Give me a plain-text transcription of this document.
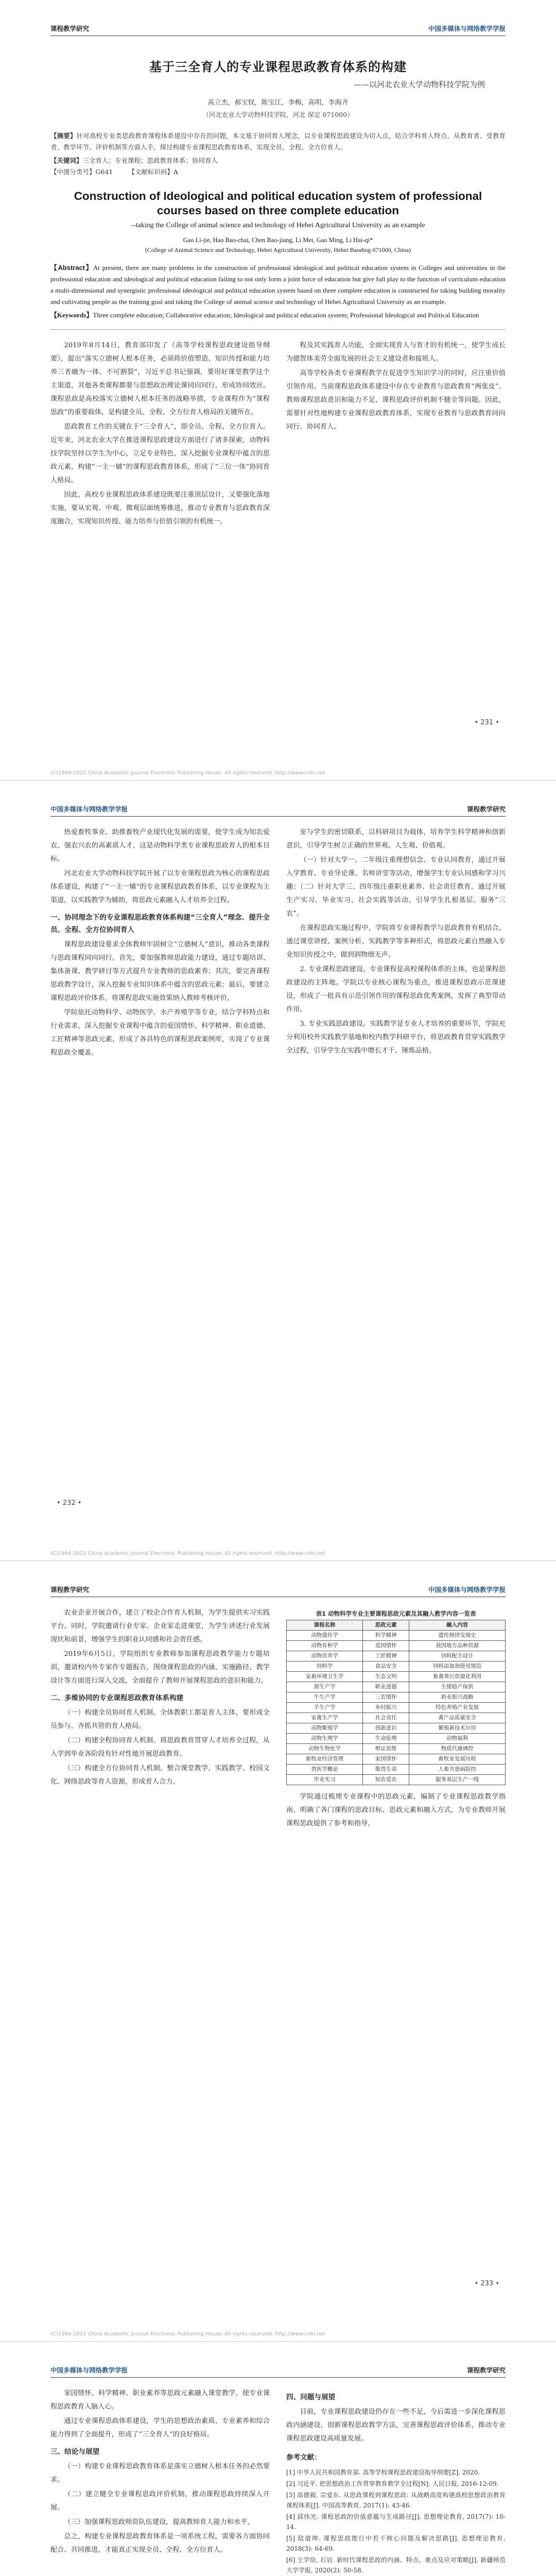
课程教学研究	中国多媒体与网络教学学报
基于三全育人的专业课程思政教育体系的构建
——以河北农业大学动物科技学院为例
高立杰，郝宝钗，陈宝江，李梅，高明，李海齐
（河北农业大学动物科技学院，河北 保定 071000）
【摘要】针对高校专业类思政教育课程体系建设中存在的问题，本文基于协同育人理念，以专业课程思政建设为切入点，结合学科育人特点，从教育者、受教育者、教学环节、评价机制等方面入手，探讨构建专业课程思政教育体系，实现全员、全程、全方位育人。
【关键词】三全育人；专业课程；思政教育体系；协同育人
【中图分类号】G641 【文献标识码】A
Construction of Ideological and political education system of professional courses based on three complete education
--taking the College of animal science and technology of Hebei Agricultural University as an example
Gao Li-jie, Hao Bao-chai, Chen Bao-jiang, Li Mei, Gao Ming, Li Hai-qi*
(College of Animal Science and Technology, Hebei Agricultural University, Hebei Baoding 071000, China)
【Abstract】At present, there are many problems in the construction of professional ideological and political education system in Colleges and universities in the professional education and ideological and political education failing to not only form a joint force of education but give full play to the function of curriculum education a multi-dimensional and synergistic professional ideological and political education system based on three complete education is constructed for taking building morality and cultivating people as the training goal and taking the College of animal science and technology of Hebei Agricultural University as an example.
【Keywords】Three complete education; Collaborative education; Ideological and political education system; Professional Ideological and Political Education

2019年8月14日，教育部印发了《高等学校课程思政建设指导纲要》，提出“落实立德树人根本任务，必须将价值塑造、知识传授和能力培养三者融为一体、不可割裂”，习近平总书记强调，要用好课堂教学这个主渠道，其他各类课程都要与思想政治理论课同向同行，形成协同效应。课程思政是高校落实立德树人根本任务的战略举措，专业课程作为“课程思政”的重要载体，是构建全员、全程、全方位育人格局的关键所在。

思政教育工作的关键在于“三全育人”，即全员、全程、全方位育人。近年来，河北农业大学在推进课程思政建设方面进行了诸多探索，动物科技学院坚持以学生为中心，立足专业特色，深入挖掘专业课程中蕴含的思政元素，构建“一主一辅”的课程思政教育体系，形成了“三位一体”协同育人格局。

因此，高校专业课程思政体系建设既要注重顶层设计，又要强化落地实施，要从宏观、中观、微观层面统筹推进，推动专业教育与思政教育深度融合，实现知识传授、能力培养与价值引领的有机统一。

程及其实践育人功能，全面实现育人与育才的有机统一，使学生成长为德智体美劳全面发展的社会主义建设者和接班人。

高等学校各类专业课程教学在促进学生知识学习的同时，应注重价值引领作用。当前课程思政体系建设中存在专业教育与思政教育“两张皮”、教师课程思政意识和能力不足、课程思政评价机制不健全等问题。因此，需要针对性地构建专业课程思政教育体系，实现专业教育与思政教育同向同行、协同育人。

• 231 •
(C)1994-2022 China Academic Journal Electronic Publishing House. All rights reserved. http://www.cnki.net
中国多媒体与网络教学学报	课程教学研究

热爱畜牧事业、助推畜牧产业现代化发展的需要，使学生成为知农爱农、强农兴农的高素质人才，这是动物科学类专业课程思政育人的根本目标。

河北农业大学动物科技学院开展了以专业课程思政为核心的课程思政体系建设，构建了“一主一辅”的专业课程思政教育体系，以专业课程为主渠道，以实践教学为辅助，将思政元素融入人才培养全过程。

一、协同理念下的专业课程思政教育体系构建“三全育人”理念、提升全员、全程、全方位协同育人

课程思政建设要求全体教师牢固树立“立德树人”意识，推动各类课程与思政课程同向同行。首先，要加强教师思政能力建设，通过专题培训、集体备课、教学研讨等方式提升专业教师的思政素养；其次，要完善课程思政教学设计，深入挖掘专业知识体系中蕴含的思政元素；最后，要建立课程思政评价体系，将课程思政实施效果纳入教师考核评价。

学院依托动物科学、动物医学、水产养殖学等专业，结合学科特点和行业需求，深入挖掘专业课程中蕴含的爱国情怀、科学精神、职业道德、工匠精神等思政元素，形成了各具特色的课程思政案例库，实现了专业课程思政全覆盖。

室与学生的密切联系，以科研项目为载体，培养学生科学精神和创新意识，引导学生树立正确的世界观、人生观、价值观。

（一）针对大学一、二年级注重理想信念、专业认同教育，通过开展入学教育、专业导论课、名师讲堂等活动，增强学生专业认同感和学习兴趣；（二）针对大学三、四年级注重职业素养、社会责任教育，通过开展生产实习、毕业实习、社会实践等活动，引导学生扎根基层、服务“三农”。

在课程思政实施过程中，学院将专业课程教学与思政教育有机结合，通过课堂讲授、案例分析、实践教学等多种形式，将思政元素自然融入专业知识传授之中，做到润物细无声。

2. 专业课程思政建设。专业课程是高校课程体系的主体，也是课程思政建设的主阵地。学院以专业核心课程为重点，推进课程思政示范课建设，形成了一批具有示范引领作用的课程思政优秀案例，发挥了典型带动作用。

3. 专业实践思政建设。实践教学是专业人才培养的重要环节，学院充分利用校外实践教学基地和校内教学科研平台，将思政教育贯穿实践教学全过程，引导学生在实践中增长才干、锤炼品格。

• 232 •
(C)1994-2022 China Academic Journal Electronic Publishing House. All rights reserved. http://www.cnki.net
课程教学研究	中国多媒体与网络教学学报

农业企业开展合作，建立了校企合作育人机制，为学生提供实习实践平台。同时，学院邀请行业专家、企业家走进课堂，为学生讲述行业发展现状和前景，增强学生的职业认同感和社会责任感。

2019年6月5日，学院组织专业教师参加课程思政教学能力专题培训，邀请校内外专家作专题报告，围绕课程思政的内涵、实施路径、教学设计等方面进行深入交流，全面提升了教师开展课程思政的意识和能力。

二、多维协同的专业课程思政教育体系构建

（一）构建全员协同育人机制。全体教职工都是育人主体，要形成全员参与、齐抓共管的育人格局。

（二）构建全程协同育人机制。将思政教育贯穿人才培养全过程，从入学到毕业各阶段有针对性地开展思政教育。

（三）构建全方位协同育人机制。整合课堂教学、实践教学、校园文化、网络思政等育人资源，形成育人合力。

表1 动物科学专业主要课程思政元素及其融入教学内容一览表
课程名称	思政元素	融入内容
动物遗传学	科学精神	遗传规律发现史
动物育种学	爱国情怀	我国地方品种资源
动物营养学	工匠精神	饲料配方设计
饲料学	食品安全	饲料添加剂使用规范
家畜环境卫生学	生态文明	畜禽粪污资源化利用
猪生产学	职业道德	生猪稳产保供
牛生产学	三农情怀	奶业振兴战略
羊生产学	乡村振兴	特色养殖产业发展
家禽生产学	社会责任	禽产品质量安全
动物繁殖学	创新意识	繁殖新技术应用
动物生理学	生命伦理	动物福利
动物生物化学	辩证思维	物质代谢调控
畜牧业经济管理	家国情怀	畜牧业发展历程
兽医学概论	敬畏生命	人畜共患病防控
毕业实习	知农爱农	服务基层生产一线

学院通过梳理专业课程中的思政元素，编制了专业课程思政教学指南，明确了各门课程的思政目标、思政元素和融入方式，为专业教师开展课程思政提供了参考和指导。

• 233 •
(C)1994-2022 China Academic Journal Electronic Publishing House. All rights reserved. http://www.cnki.net
中国多媒体与网络教学学报	课程教学研究

家国情怀、科学精神、职业素养等思政元素融入课堂教学，使专业课程思政教育入脑入心。

通过专业课程思政体系建设，学生的思想政治素质、专业素养和综合能力得到了全面提升，形成了“三全育人”的良好格局。

三、结论与展望

（一）构建专业课程思政教育体系是落实立德树人根本任务的必然要求。

（二）建立健全专业课程思政评价机制，推动课程思政持续深入开展。

（三）加强课程思政师资队伍建设，提高教师育人能力和水平。

总之，构建专业课程思政教育体系是一项系统工程，需要各方面协同配合、共同推进，才能真正实现全员、全程、全方位育人。

四、问题与展望

目前，专业课程思政建设仍存在一些不足，今后需进一步深化课程思政内涵建设，创新课程思政教学方法，完善课程思政评价体系，推动专业课程思政建设高质量发展。

参考文献：
[1] 中华人民共和国教育部. 高等学校课程思政建设指导纲要[Z]. 2020.
[2] 习近平. 把思想政治工作贯穿教育教学全过程[N]. 人民日报, 2016-12-09.
[3] 高德毅, 宗爱东. 从思政课程到课程思政: 从战略高度构建高校思想政治教育课程体系[J]. 中国高等教育, 2017(1): 43-46.
[4] 邱伟光. 课程思政的价值意蕴与生成路径[J]. 思想理论教育, 2017(7): 10-14.
[5] 陆道坤. 课程思政推行中若干核心问题及解决思路[J]. 思想理论教育, 2018(3): 64-69.
[6] 王学俭, 石岩. 新时代课程思政的内涵、特点、难点及应对策略[J]. 新疆师范大学学报, 2020(2): 50-58.
